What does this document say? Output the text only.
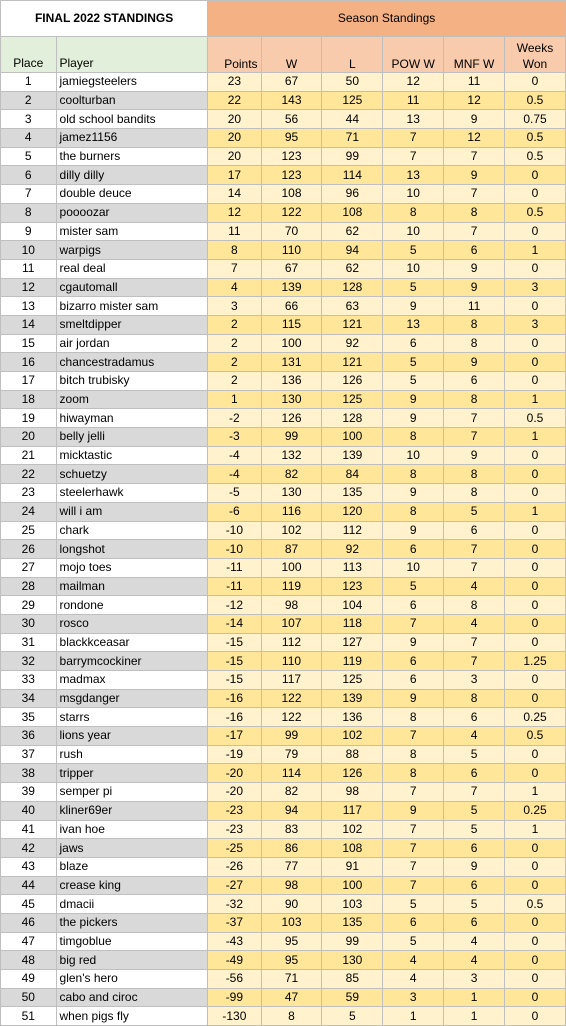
FINAL 2022 STANDINGS		Season Standings					
Place	Player	Points	W	L	POW W	MNF W	Weeks Won
1	jamiegsteelers	23	67	50	12	11	0
2	coolturban	22	143	125	11	12	0.5
3	old school bandits	20	56	44	13	9	0.75
4	jamez1156	20	95	71	7	12	0.5
5	the burners	20	123	99	7	7	0.5
6	dilly dilly	17	123	114	13	9	0
7	double deuce	14	108	96	10	7	0
8	poooozar	12	122	108	8	8	0.5
9	mister sam	11	70	62	10	7	0
10	warpigs	8	110	94	5	6	1
11	real deal	7	67	62	10	9	0
12	cgautomall	4	139	128	5	9	3
13	bizarro mister sam	3	66	63	9	11	0
14	smeltdipper	2	115	121	13	8	3
15	air jordan	2	100	92	6	8	0
16	chancestradamus	2	131	121	5	9	0
17	bitch trubisky	2	136	126	5	6	0
18	zoom	1	130	125	9	8	1
19	hiwayman	-2	126	128	9	7	0.5
20	belly jelli	-3	99	100	8	7	1
21	micktastic	-4	132	139	10	9	0
22	schuetzy	-4	82	84	8	8	0
23	steelerhawk	-5	130	135	9	8	0
24	will i am	-6	116	120	8	5	1
25	chark	-10	102	112	9	6	0
26	longshot	-10	87	92	6	7	0
27	mojo toes	-11	100	113	10	7	0
28	mailman	-11	119	123	5	4	0
29	rondone	-12	98	104	6	8	0
30	rosco	-14	107	118	7	4	0
31	blackkceasar	-15	112	127	9	7	0
32	barrymcockiner	-15	110	119	6	7	1.25
33	madmax	-15	117	125	6	3	0
34	msgdanger	-16	122	139	9	8	0
35	starrs	-16	122	136	8	6	0.25
36	lions year	-17	99	102	7	4	0.5
37	rush	-19	79	88	8	5	0
38	tripper	-20	114	126	8	6	0
39	semper pi	-20	82	98	7	7	1
40	kliner69er	-23	94	117	9	5	0.25
41	ivan hoe	-23	83	102	7	5	1
42	jaws	-25	86	108	7	6	0
43	blaze	-26	77	91	7	9	0
44	crease king	-27	98	100	7	6	0
45	dmacii	-32	90	103	5	5	0.5
46	the pickers	-37	103	135	6	6	0
47	timgoblue	-43	95	99	5	4	0
48	big red	-49	95	130	4	4	0
49	glen's hero	-56	71	85	4	3	0
50	cabo and ciroc	-99	47	59	3	1	0
51	when pigs fly	-130	8	5	1	1	0
